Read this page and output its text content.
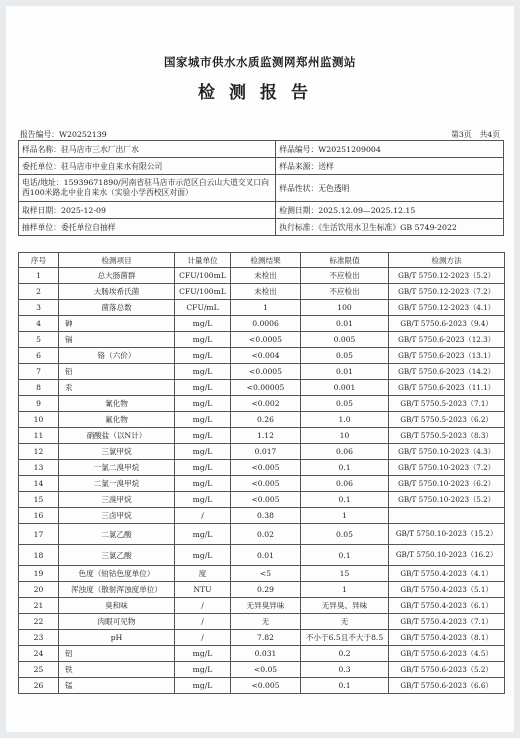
国家城市供水水质监测网郑州监测站
检测报告
报告编号：W20252139	第3页　共4页
样品名称：驻马店市三水厂出厂水	样品编号：W20251209004
委托单位：驻马店市中业自来水有限公司	样品来源：送样
电话/地址：15939671890/河南省驻马店市示范区白云山大道交叉口向西100米路北中业自来水（实验小学西校区对面）	样品性状：无色透明
取样日期：2025-12-09	检测日期：2025.12.09—2025.12.15
抽样单位：委托单位自抽样	执行标准：《生活饮用水卫生标准》GB 5749-2022
序号	检测项目	计量单位	检测结果	标准限值	检测方法
1	总大肠菌群	CFU/100mL	未检出	不应检出	GB/T 5750.12-2023（5.2）
2	大肠埃希氏菌	CFU/100mL	未检出	不应检出	GB/T 5750.12-2023（7.2）
3	菌落总数	CFU/mL	1	100	GB/T 5750.12-2023（4.1）
4	砷	mg/L	0.0006	0.01	GB/T 5750.6-2023（9.4）
5	镉	mg/L	<0.0005	0.005	GB/T 5750.6-2023（12.3）
6	铬（六价）	mg/L	<0.004	0.05	GB/T 5750.6-2023（13.1）
7	铅	mg/L	<0.0005	0.01	GB/T 5750.6-2023（14.2）
8	汞	mg/L	<0.00005	0.001	GB/T 5750.6-2023（11.1）
9	氰化物	mg/L	<0.002	0.05	GB/T 5750.5-2023（7.1）
10	氟化物	mg/L	0.26	1.0	GB/T 5750.5-2023（6.2）
11	硝酸盐（以N计）	mg/L	1.12	10	GB/T 5750.5-2023（8.3）
12	三氯甲烷	mg/L	0.017	0.06	GB/T 5750.10-2023（4.3）
13	一氯二溴甲烷	mg/L	<0.005	0.1	GB/T 5750.10-2023（7.2）
14	二氯一溴甲烷	mg/L	<0.005	0.06	GB/T 5750.10-2023（6.2）
15	三溴甲烷	mg/L	<0.005	0.1	GB/T 5750.10-2023（5.2）
16	三卤甲烷	/	0.38	1	
17	二氯乙酸	mg/L	0.02	0.05	GB/T 5750.10-2023（15.2）
18	三氯乙酸	mg/L	0.01	0.1	GB/T 5750.10-2023（16.2）
19	色度（铂钴色度单位）	度	<5	15	GB/T 5750.4-2023（4.1）
20	浑浊度（散射浑浊度单位）	NTU	0.29	1	GB/T 5750.4-2023（5.1）
21	臭和味	/	无异臭异味	无异臭、异味	GB/T 5750.4-2023（6.1）
22	肉眼可见物	/	无	无	GB/T 5750.4-2023（7.1）
23	pH	/	7.82	不小于6.5且不大于8.5	GB/T 5750.4-2023（8.1）
24	铝	mg/L	0.031	0.2	GB/T 5750.6-2023（4.5）
25	铁	mg/L	<0.05	0.3	GB/T 5750.6-2023（5.2）
26	锰	mg/L	<0.005	0.1	GB/T 5750.6-2023（6.6）
